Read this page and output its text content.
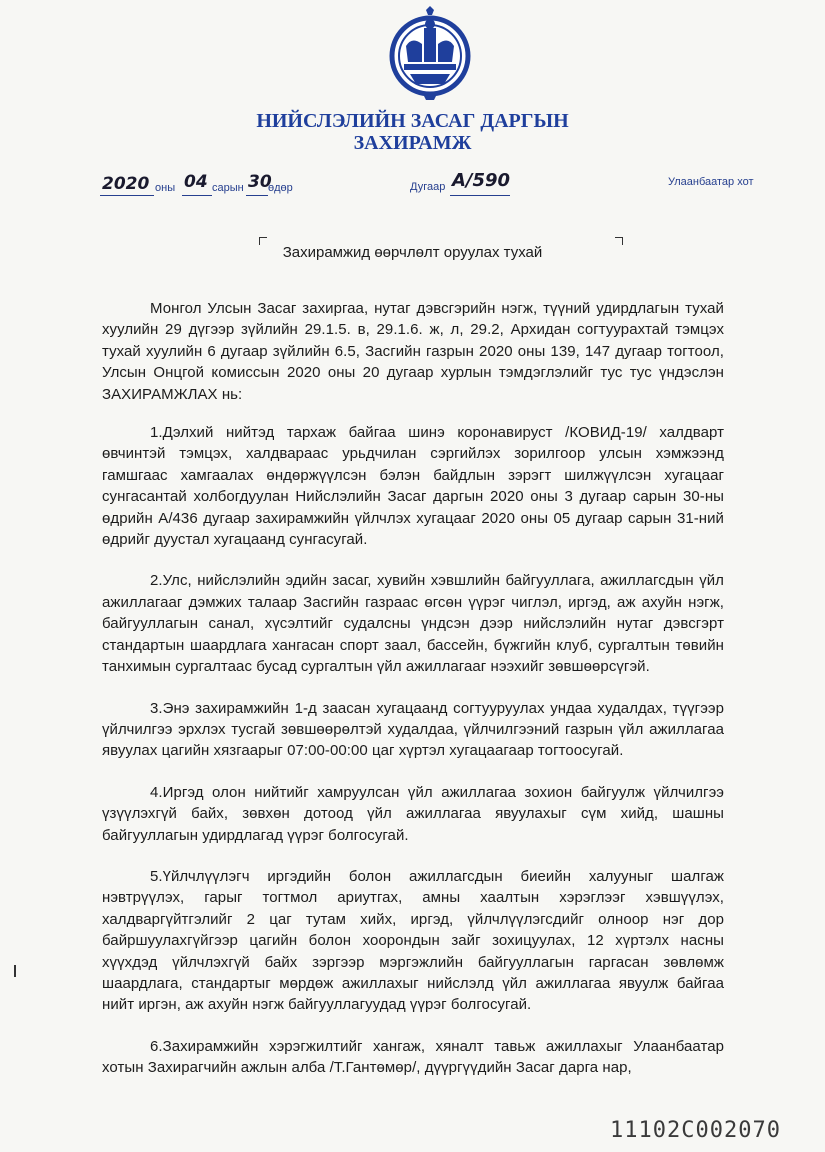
НИЙСЛЭЛИЙН ЗАСАГ ДАРГЫН
ЗАХИРАМЖ
2020 оны 04 сарын 30
өдөр	Дугаар А/590	Улаанбаатар хот
Захирамжид өөрчлөлт оруулах тухай

Монгол Улсын Засаг захиргаа, нутаг дэвсгэрийн нэгж, түүний удирдлагын тухай хуулийн 29 дүгээр зүйлийн 29.1.5. в, 29.1.6. ж, л, 29.2, Архидан согтуурахтай тэмцэх тухай хуулийн 6 дугаар зүйлийн 6.5, Засгийн газрын 2020 оны 139, 147 дугаар тогтоол, Улсын Онцгой комиссын 2020 оны 20 дугаар хурлын тэмдэглэлийг тус тус үндэслэн ЗАХИРАМЖЛАХ нь:

1.Дэлхий нийтэд тархаж байгаа шинэ коронавируст /КОВИД-19/ халдварт өвчинтэй тэмцэх, халдвараас урьдчилан сэргийлэх зорилгоор улсын хэмжээнд гамшгаас хамгаалах өндөржүүлсэн бэлэн байдлын зэрэгт шилжүүлсэн хугацааг сунгасантай холбогдуулан Нийслэлийн Засаг даргын 2020 оны 3 дугаар сарын 30-ны өдрийн А/436 дугаар захирамжийн үйлчлэх хугацааг 2020 оны 05 дугаар сарын 31-ний өдрийг дуустал хугацаанд сунгасугай.

2.Улс, нийслэлийн эдийн засаг, хувийн хэвшлийн байгууллага, ажиллагсдын үйл ажиллагааг дэмжих талаар Засгийн газраас өгсөн үүрэг чиглэл, иргэд, аж ахуйн нэгж, байгууллагын санал, хүсэлтийг судалсны үндсэн дээр нийслэлийн нутаг дэвсгэрт стандартын шаардлага хангасан спорт заал, бассейн, бүжгийн клуб, сургалтын төвийн танхимын сургалтаас бусад сургалтын үйл ажиллагааг нээхийг зөвшөөрсүгэй.

3.Энэ захирамжийн 1-д заасан хугацаанд согтууруулах ундаа худалдах, түүгээр үйлчилгээ эрхлэх тусгай зөвшөөрөлтэй худалдаа, үйлчилгээний газрын үйл ажиллагаа явуулах цагийн хязгаарыг 07:00-00:00 цаг хүртэл хугацаагаар тогтоосугай.

4.Иргэд олон нийтийг хамруулсан үйл ажиллагаа зохион байгуулж үйлчилгээ үзүүлэхгүй байх, зөвхөн дотоод үйл ажиллагаа явуулахыг сүм хийд, шашны байгууллагын удирдлагад үүрэг болгосугай.

5.Үйлчлүүлэгч иргэдийн болон ажиллагсдын биеийн халууныг шалгаж нэвтрүүлэх, гарыг тогтмол ариутгах, амны хаалтын хэрэглээг хэвшүүлэх, халдваргүйтгэлийг 2 цаг тутам хийх, иргэд, үйлчлүүлэгсдийг олноор нэг дор байршуулахгүйгээр цагийн болон хоорондын зайг зохицуулах, 12 хүртэлх насны хүүхдэд үйлчлэхгүй байх зэргээр мэргэжлийн байгууллагын гаргасан зөвлөмж шаардлага, стандартыг мөрдөж ажиллахыг нийслэлд үйл ажиллагаа явуулж байгаа нийт иргэн, аж ахуйн нэгж байгууллагуудад үүрэг болгосугай.

6.Захирамжийн хэрэгжилтийг хангаж, хяналт тавьж ажиллахыг Улаанбаатар хотын Захирагчийн ажлын алба /Т.Гантөмөр/, дүүргүүдийн Засаг дарга нар,

11102С002070
